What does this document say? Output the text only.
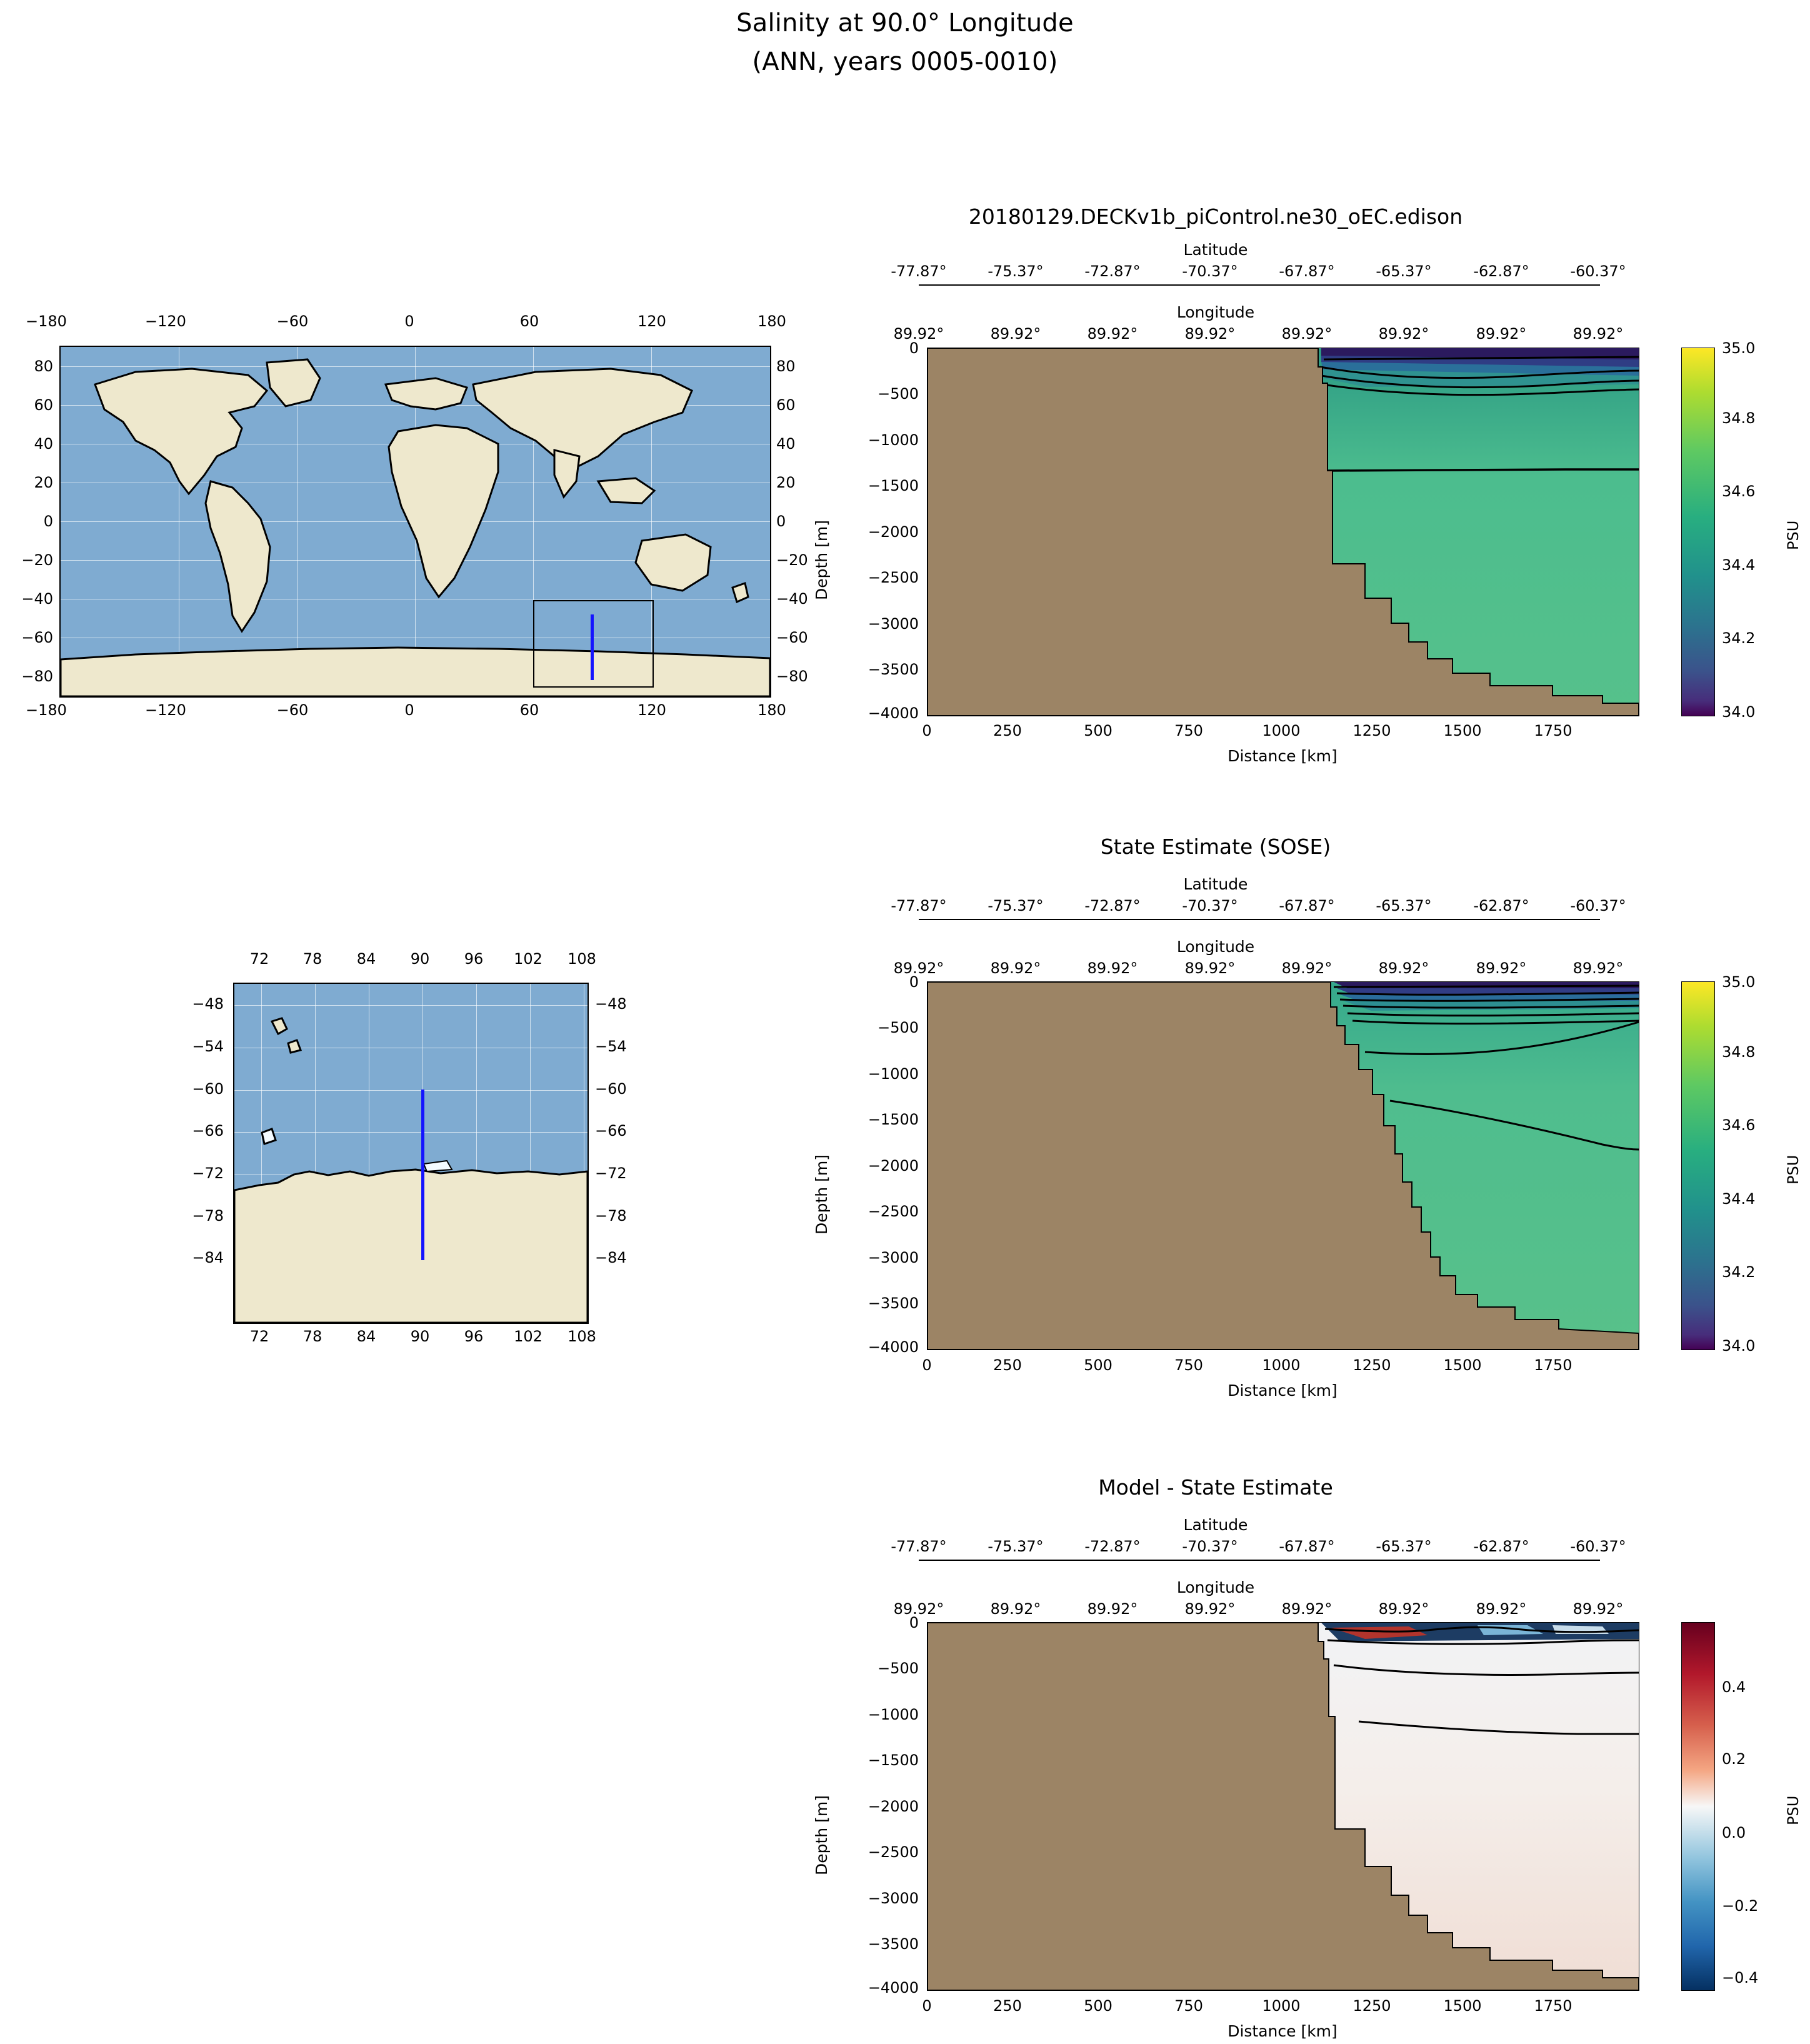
Salinity at 90.0° Longitude
(ANN, years 0005-0010)
−180	−120	−60	0	60	120	180
80
60
40
20
0
−20
−40
−60
−80
80
60
40
20
0
−20
−40
−60
−80
−180	−120	−60	0	60	120	180
72	78	84	90	96	102	108
−48
−54
−60
−66
−72
−78
−84
−48
−54
−60
−66
−72
−78
−84
72	78	84	90	96	102	108
20180129.DECKv1b_piControl.ne30_oEC.edison
Latitude
-77.87°	-75.37°	-72.87°	-70.37°	-67.87°	-65.37°	-62.87°	-60.37°
Longitude
89.92°	89.92°	89.92°	89.92°	89.92°	89.92°	89.92°	89.92°
0
−500
−1000
−1500
−2000
−2500
−3000
−3500
−4000
Depth [m]
0	250	500	750	1000	1250	1500	1750
Distance [km]
35.0
34.8
34.6
34.4
34.2
34.0
PSU
State Estimate (SOSE)
Latitude
-77.87°	-75.37°	-72.87°	-70.37°	-67.87°	-65.37°	-62.87°	-60.37°
Longitude
89.92°	89.92°	89.92°	89.92°	89.92°	89.92°	89.92°	89.92°
0
−500
−1000
−1500
−2000
−2500
−3000
−3500
−4000
Depth [m]
0	250	500	750	1000	1250	1500	1750
Distance [km]
35.0
34.8
34.6
34.4
34.2
34.0
PSU
Model - State Estimate
Latitude
-77.87°	-75.37°	-72.87°	-70.37°	-67.87°	-65.37°	-62.87°	-60.37°
Longitude
89.92°	89.92°	89.92°	89.92°	89.92°	89.92°	89.92°	89.92°
0
−500
−1000
−1500
−2000
−2500
−3000
−3500
−4000
Depth [m]
0	250	500	750	1000	1250	1500	1750
Distance [km]
0.4
0.2
0.0
−0.2
−0.4
PSU
